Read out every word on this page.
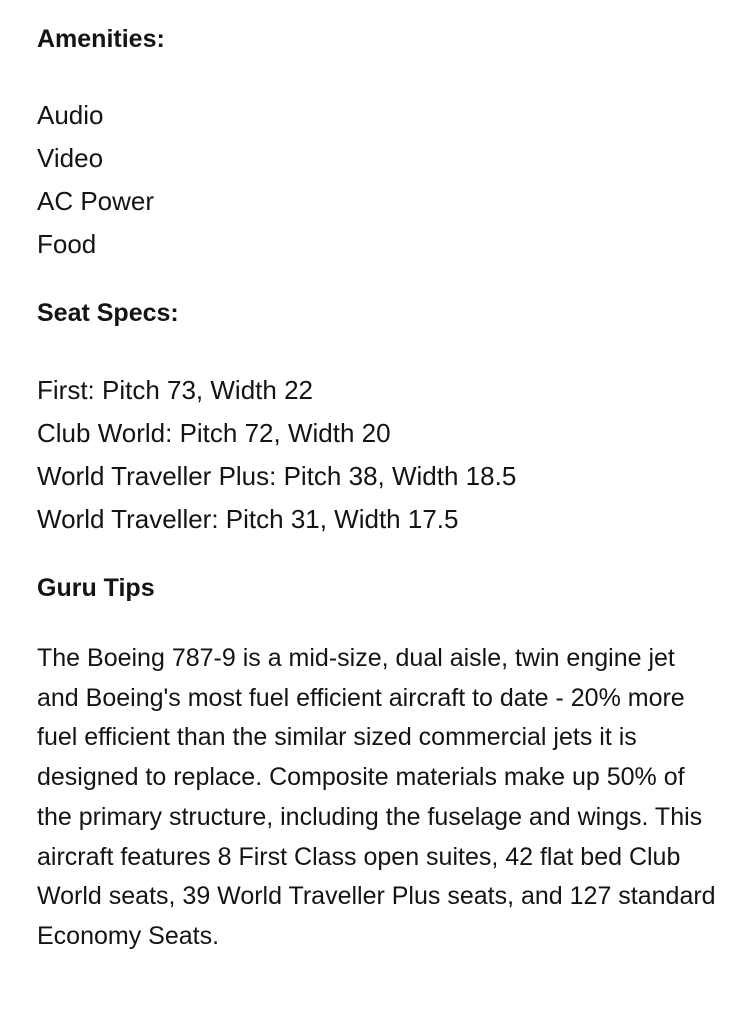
Amenities:
Audio
Video
AC Power
Food
Seat Specs:
First: Pitch 73, Width 22
Club World: Pitch 72, Width 20
World Traveller Plus: Pitch 38, Width 18.5
World Traveller: Pitch 31, Width 17.5
Guru Tips

The Boeing 787-9 is a mid-size, dual aisle, twin engine jet and Boeing's most fuel efficient aircraft to date - 20% more fuel efficient than the similar sized commercial jets it is designed to replace. Composite materials make up 50% of the primary structure, including the fuselage and wings. This aircraft features 8 First Class open suites, 42 flat bed Club World seats, 39 World Traveller Plus seats, and 127 standard Economy Seats.
